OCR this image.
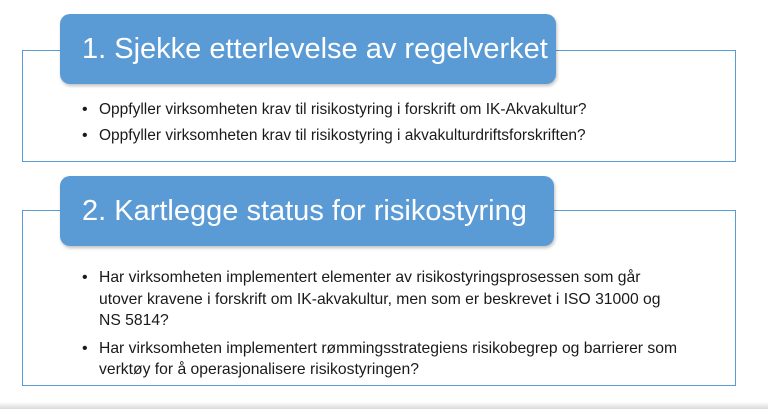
1. Sjekke etterlevelse av regelverket
• Oppfyller virksomheten krav til risikostyring i forskrift om IK-Akvakultur?
• Oppfyller virksomheten krav til risikostyring i akvakulturdriftsforskriften?
2. Kartlegge status for risikostyring
• Har virksomheten implementert elementer av risikostyringsprosessen som går utover kravene i forskrift om IK-akvakultur, men som er beskrevet i ISO 31000 og NS 5814?
• Har virksomheten implementert rømmingsstrategiens risikobegrep og barrierer som verktøy for å operasjonalisere risikostyringen?
